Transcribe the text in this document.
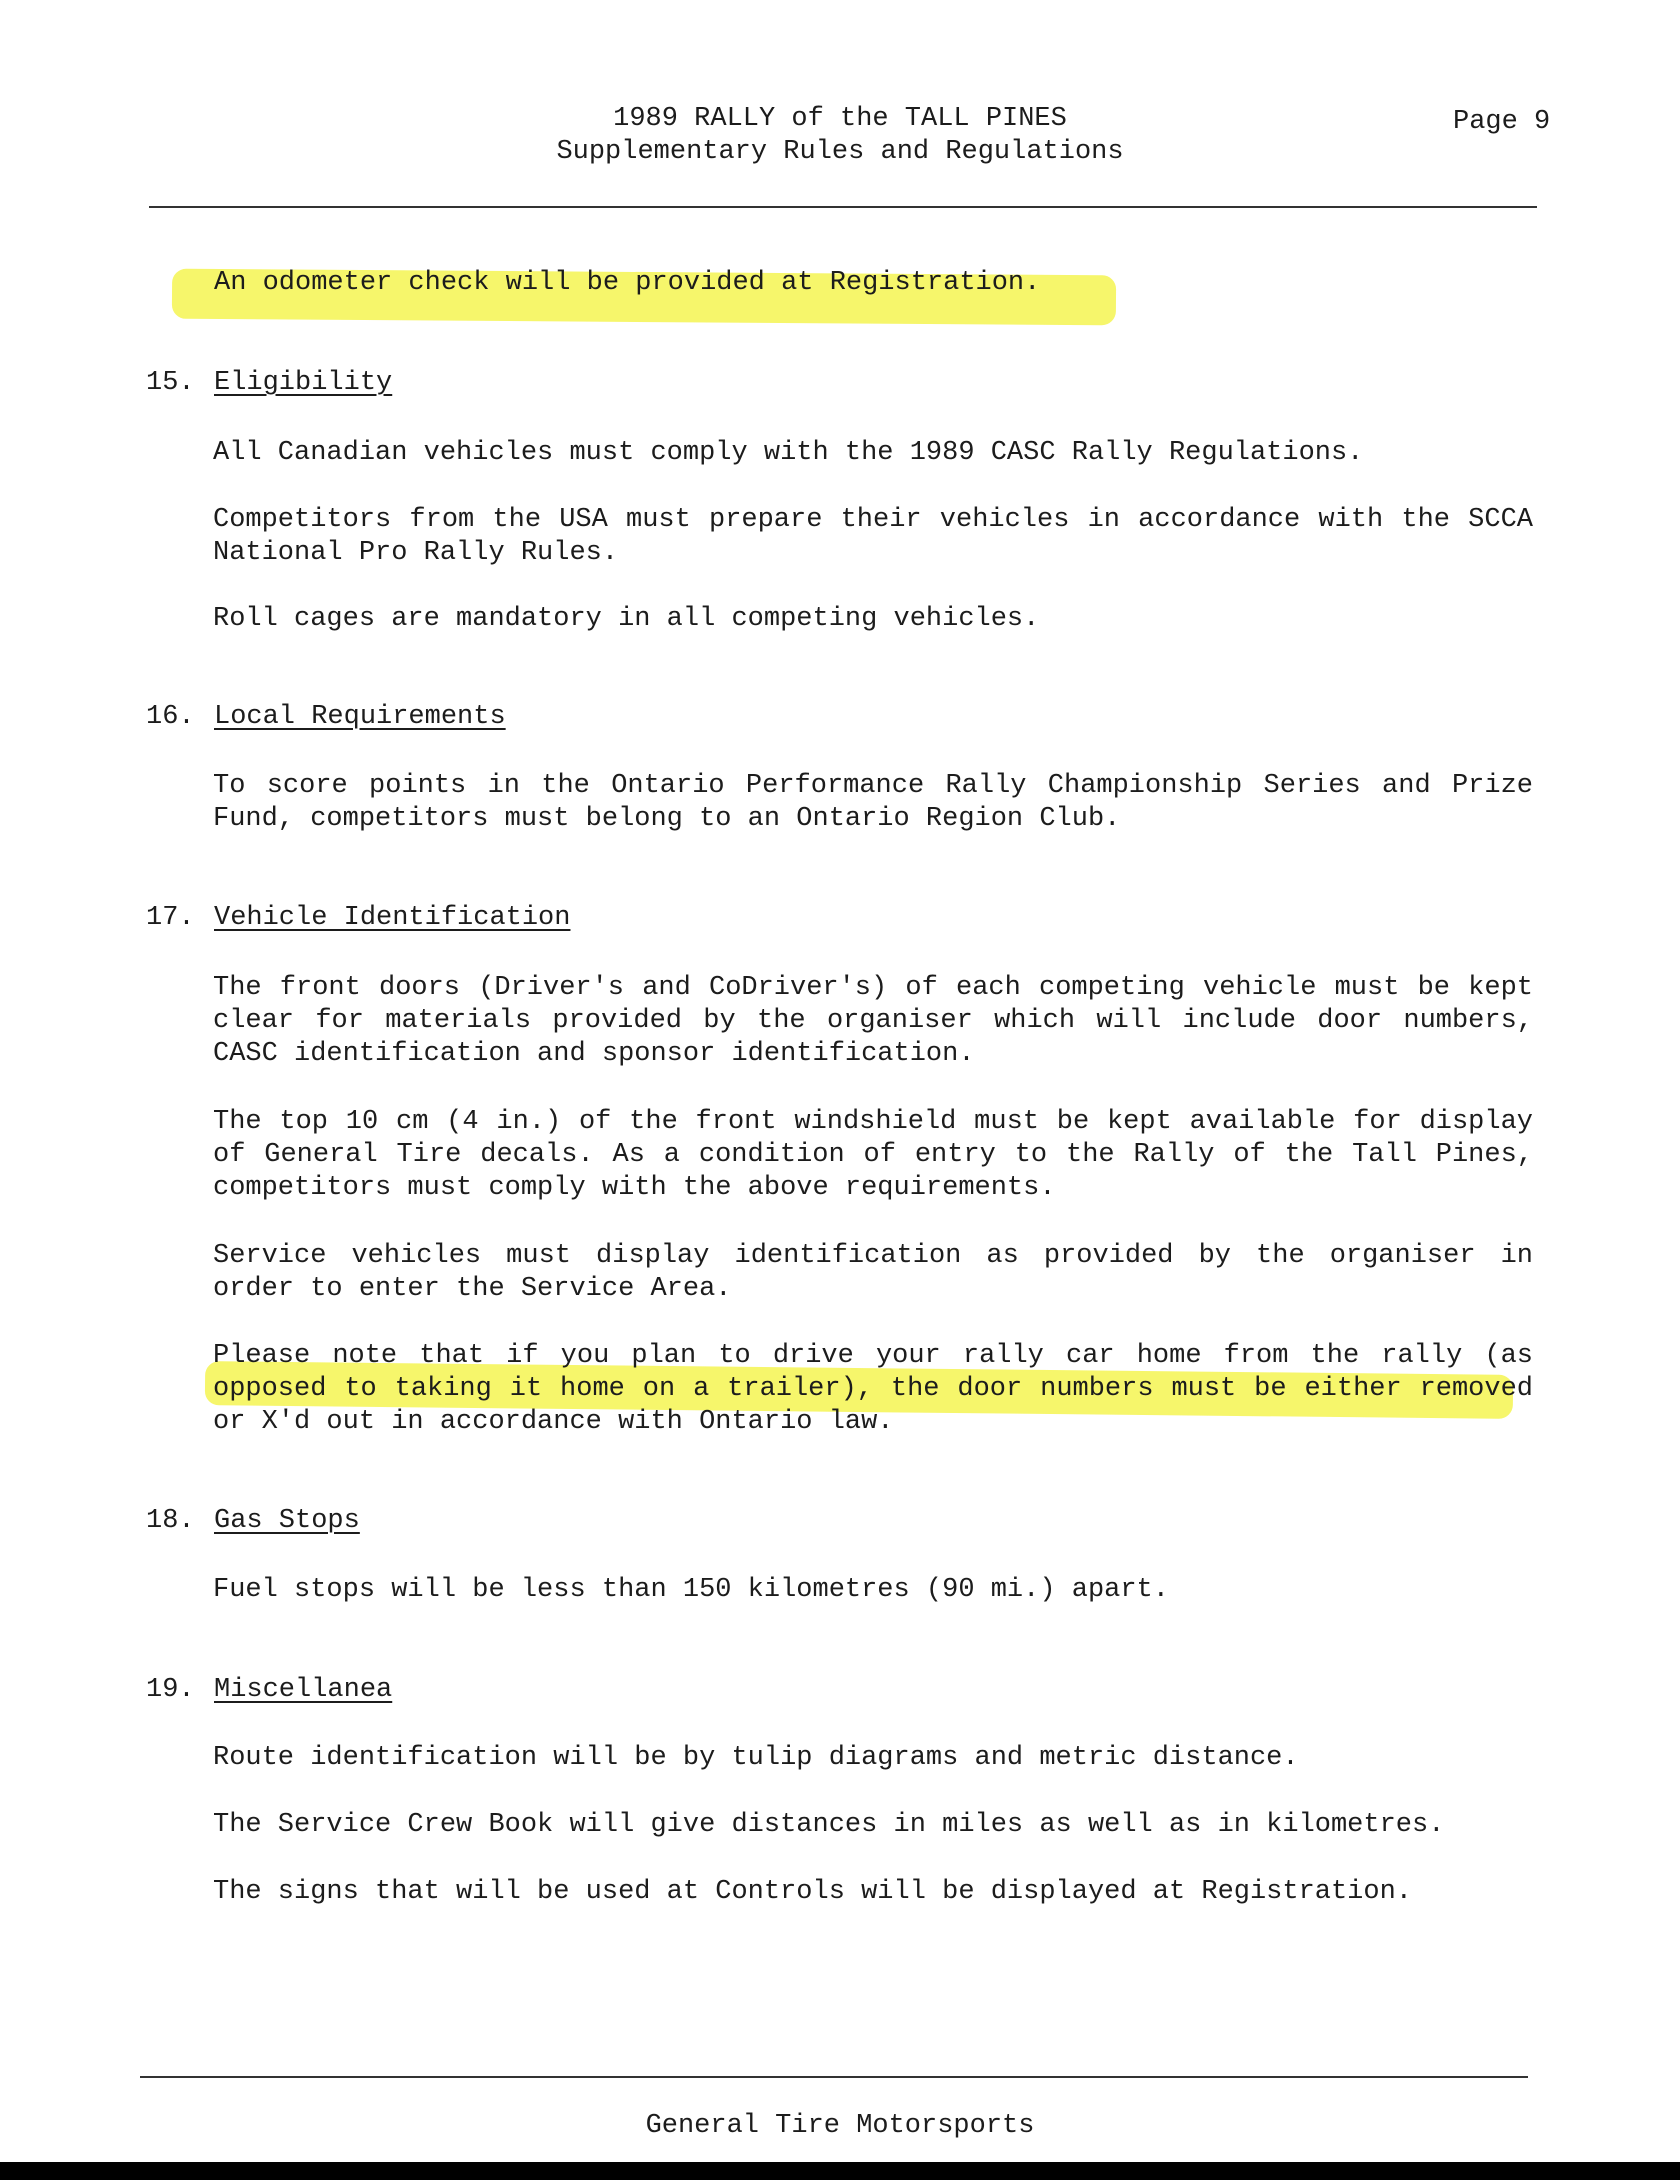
1989 RALLY of the TALL PINES
Supplementary Rules and Regulations
Page 9
An odometer check will be provided at Registration.
15. Eligibility
All Canadian vehicles must comply with the 1989 CASC Rally Regulations.
Competitors from the USA must prepare their vehicles in accordance with the SCCA National Pro Rally Rules.
Roll cages are mandatory in all competing vehicles.
16. Local Requirements
To score points in the Ontario Performance Rally Championship Series and Prize Fund, competitors must belong to an Ontario Region Club.
17. Vehicle Identification
The front doors (Driver's and CoDriver's) of each competing vehicle must be kept clear for materials provided by the organiser which will include door numbers, CASC identification and sponsor identification.
The top 10 cm (4 in.) of the front windshield must be kept available for display of General Tire decals. As a condition of entry to the Rally of the Tall Pines, competitors must comply with the above requirements.
Service vehicles must display identification as provided by the organiser in order to enter the Service Area.
Please note that if you plan to drive your rally car home from the rally (as opposed to taking it home on a trailer), the door numbers must be either removed or X'd out in accordance with Ontario law.
18. Gas Stops
Fuel stops will be less than 150 kilometres (90 mi.) apart.
19. Miscellanea
Route identification will be by tulip diagrams and metric distance.
The Service Crew Book will give distances in miles as well as in kilometres.
The signs that will be used at Controls will be displayed at Registration.
General Tire Motorsports
